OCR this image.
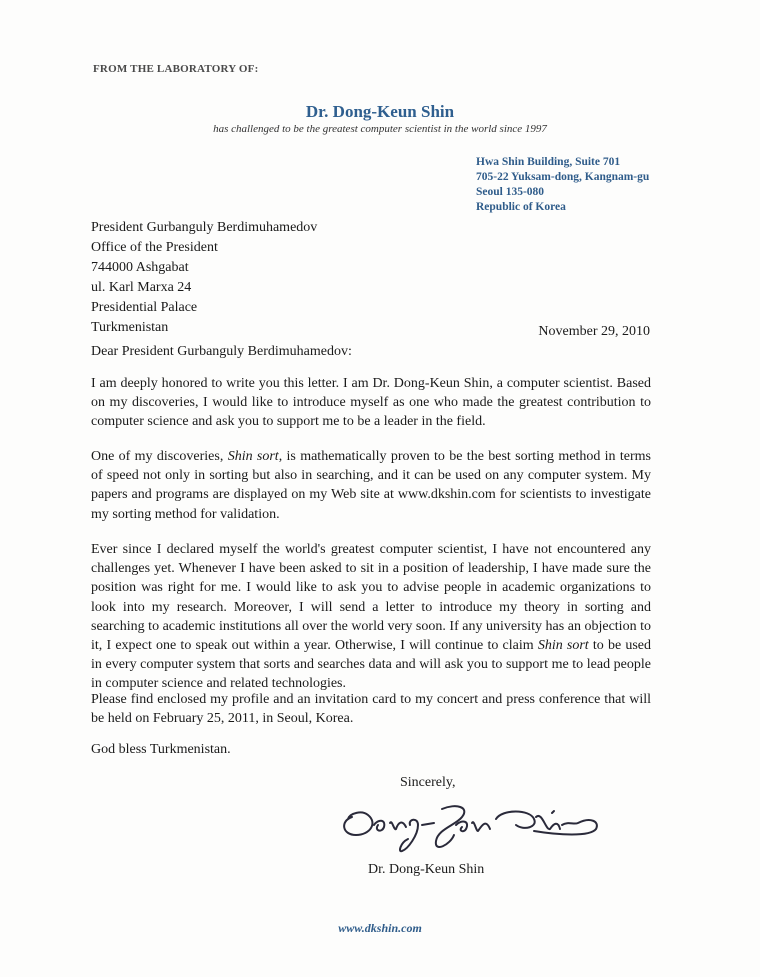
FROM THE LABORATORY OF:
Dr. Dong-Keun Shin
has challenged to be the greatest computer scientist in the world since 1997
Hwa Shin Building, Suite 701
705-22 Yuksam-dong, Kangnam-gu
Seoul 135-080
Republic of Korea
President Gurbanguly Berdimuhamedov
Office of the President
744000 Ashgabat
ul. Karl Marxa 24
Presidential Palace
Turkmenistan	November 29, 2010
Dear President Gurbanguly Berdimuhamedov:

I am deeply honored to write you this letter. I am Dr. Dong-Keun Shin, a computer scientist. Based on my discoveries, I would like to introduce myself as one who made the greatest contribution to computer science and ask you to support me to be a leader in the field.

One of my discoveries, Shin sort, is mathematically proven to be the best sorting method in terms of speed not only in sorting but also in searching, and it can be used on any computer system. My papers and programs are displayed on my Web site at www.dkshin.com for scientists to investigate my sorting method for validation.

Ever since I declared myself the world's greatest computer scientist, I have not encountered any challenges yet. Whenever I have been asked to sit in a position of leadership, I have made sure the position was right for me. I would like to ask you to advise people in academic organizations to look into my research. Moreover, I will send a letter to introduce my theory in sorting and searching to academic institutions all over the world very soon. If any university has an objection to it, I expect one to speak out within a year. Otherwise, I will continue to claim Shin sort to be used in every computer system that sorts and searches data and will ask you to support me to lead people in computer science and related technologies.

Please find enclosed my profile and an invitation card to my concert and press conference that will be held on February 25, 2011, in Seoul, Korea.

God bless Turkmenistan.

Sincerely,
Dr. Dong-Keun Shin
www.dkshin.com
